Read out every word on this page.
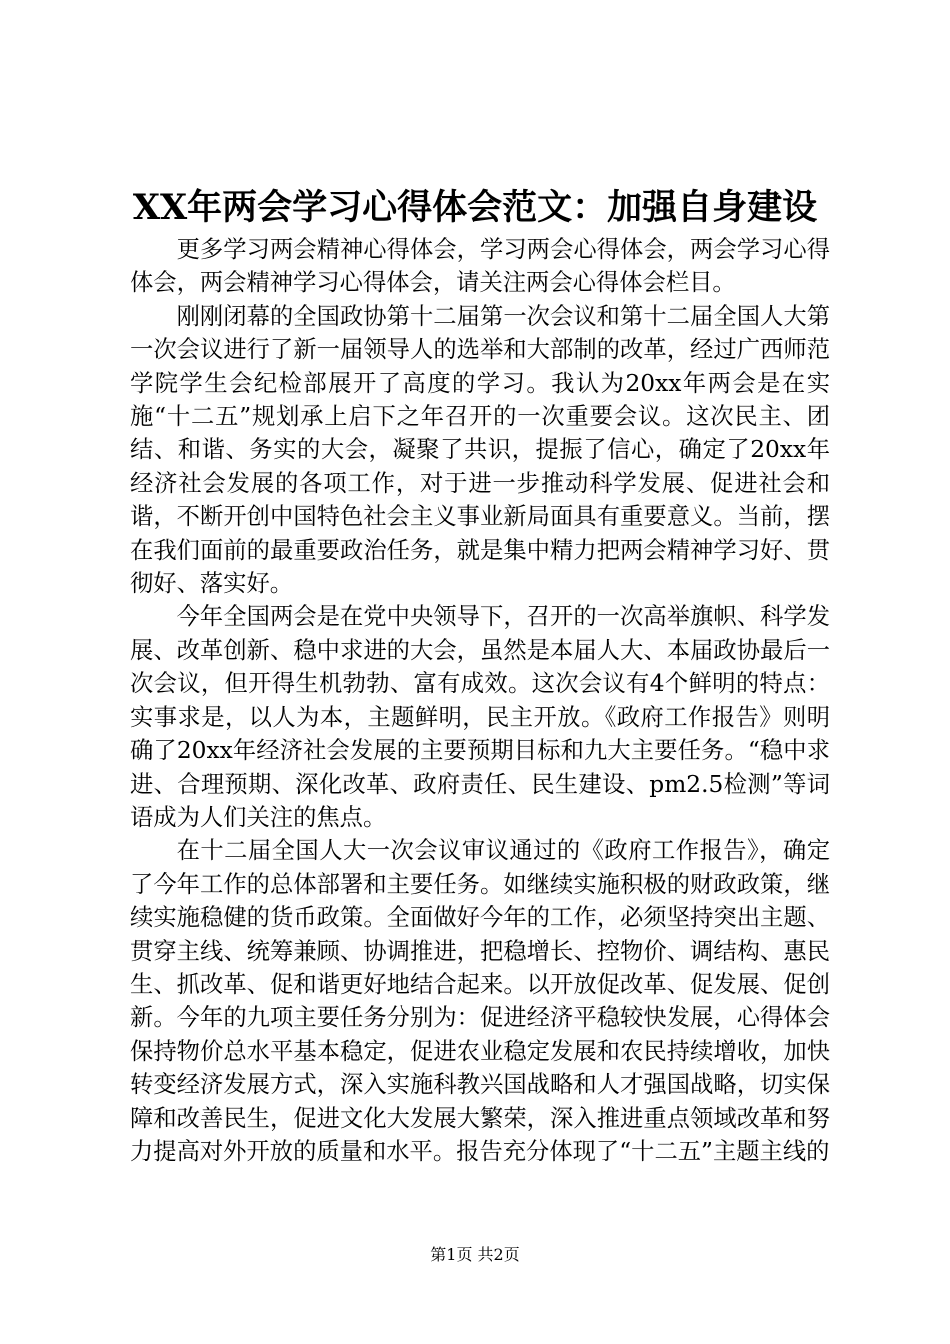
XX年两会学习心得体会范文：加强自身建设

更多学习两会精神心得体会，学习两会心得体会，两会学习心得体会，两会精神学习心得体会，请关注两会心得体会栏目。

刚刚闭幕的全国政协第十二届第一次会议和第十二届全国人大第一次会议进行了新一届领导人的选举和大部制的改革，经过广西师范学院学生会纪检部展开了高度的学习。我认为20xx年两会是在实施“十二五”规划承上启下之年召开的一次重要会议。这次民主、团结、和谐、务实的大会，凝聚了共识，提振了信心，确定了20xx年经济社会发展的各项工作，对于进一步推动科学发展、促进社会和谐，不断开创中国特色社会主义事业新局面具有重要意义。当前，摆在我们面前的最重要政治任务，就是集中精力把两会精神学习好、贯彻好、落实好。

今年全国两会是在党中央领导下，召开的一次高举旗帜、科学发展、改革创新、稳中求进的大会，虽然是本届人大、本届政协最后一次会议，但开得生机勃勃、富有成效。这次会议有4个鲜明的特点：实事求是，以人为本，主题鲜明，民主开放。《政府工作报告》则明确了20xx年经济社会发展的主要预期目标和九大主要任务。“稳中求进、合理预期、深化改革、政府责任、民生建设、pm2.5检测”等词语成为人们关注的焦点。

在十二届全国人大一次会议审议通过的《政府工作报告》，确定了今年工作的总体部署和主要任务。如继续实施积极的财政政策，继续实施稳健的货币政策。全面做好今年的工作，必须坚持突出主题、贯穿主线、统筹兼顾、协调推进，把稳增长、控物价、调结构、惠民生、抓改革、促和谐更好地结合起来。以开放促改革、促发展、促创新。今年的九项主要任务分别为：促进经济平稳较快发展，心得体会保持物价总水平基本稳定，促进农业稳定发展和农民持续增收，加快转变经济发展方式，深入实施科教兴国战略和人才强国战略，切实保障和改善民生，促进文化大发展大繁荣，深入推进重点领域改革和努力提高对外开放的质量和水平。报告充分体现了“十二五”主题主线的

第1页 共2页
